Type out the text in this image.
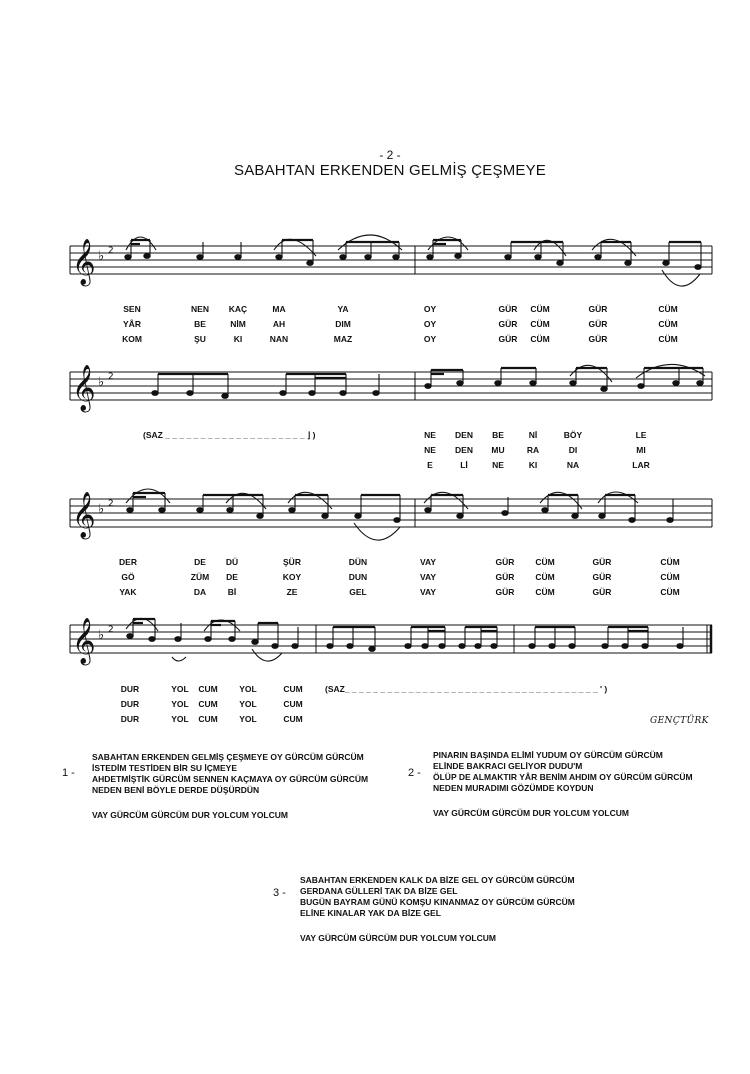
- 2 -
SABAHTAN ERKENDEN GELMİŞ ÇEŞMEYE
𝄞 ♭ 2
SEN	NEN	KAÇ	MA	YA	OY	GÜR	CÜM	GÜR	CÜM
YÂR	BE	NİM	AH	DIM	OY	GÜR	CÜM	GÜR	CÜM
KOM	ŞU	KI	NAN	MAZ	OY	GÜR	CÜM	GÜR	CÜM
𝄞 ♭ 2
(SAZ _ _ _ _ _ _ _ _ _ _ _ _ _ _ _ _ _ _ _ _ ⌋ )	NE	DEN	BE	Nİ	BÖY	LE
NE	DEN	MU	RA	DI	MI
E	Lİ	NE	KI	NA	LAR
𝄞 ♭ 2
DER	DE	DÜ	ŞÜR	DÜN	VAY	GÜR	CÜM	GÜR	CÜM
GÖ	ZÜM	DE	KOY	DUN	VAY	GÜR	CÜM	GÜR	CÜM
YAK	DA	Bİ	ZE	GEL	VAY	GÜR	CÜM	GÜR	CÜM
𝄞 ♭ 2
DUR	YOL	CUM	YOL	CUM	(SAZ_ _ _ _ _ _ _ _ _ _ _ _ _ _ _ _ _ _ _ _ _ _ _ _ _ _ _ _ _ _ _ _ _ _ _ _ ' )
DUR	YOL	CUM	YOL	CUM
DUR	YOL	CUM	YOL	CUM	GENÇTÜRK
1 -
SABAHTAN ERKENDEN GELMİŞ ÇEŞMEYE OY GÜRCÜM GÜRCÜM
İSTEDİM TESTİDEN BİR SU İÇMEYE
AHDETMİŞTİK GÜRCÜM SENNEN KAÇMAYA OY GÜRCÜM GÜRCÜM
NEDEN BENİ BÖYLE DERDE DÜŞÜRDÜN
VAY GÜRCÜM GÜRCÜM DUR YOLCUM YOLCUM
2 -
PINARIN BAŞINDA ELİMİ YUDUM OY GÜRCÜM GÜRCÜM
ELİNDE BAKRACI GELİYOR DUDU'M
ÖLÜP DE ALMAKTIR YÂR BENİM AHDIM OY GÜRCÜM GÜRCÜM
NEDEN MURADIMI GÖZÜMDE KOYDUN
VAY GÜRCÜM GÜRCÜM DUR YOLCUM YOLCUM
3 -
SABAHTAN ERKENDEN KALK DA BİZE GEL OY GÜRCÜM GÜRCÜM
GERDANA GÜLLERİ TAK DA BİZE GEL
BUGÜN BAYRAM GÜNÜ KOMŞU KINANMAZ OY GÜRCÜM GÜRCÜM
ELİNE KINALAR YAK DA BİZE GEL
VAY GÜRCÜM GÜRCÜM DUR YOLCUM YOLCUM
